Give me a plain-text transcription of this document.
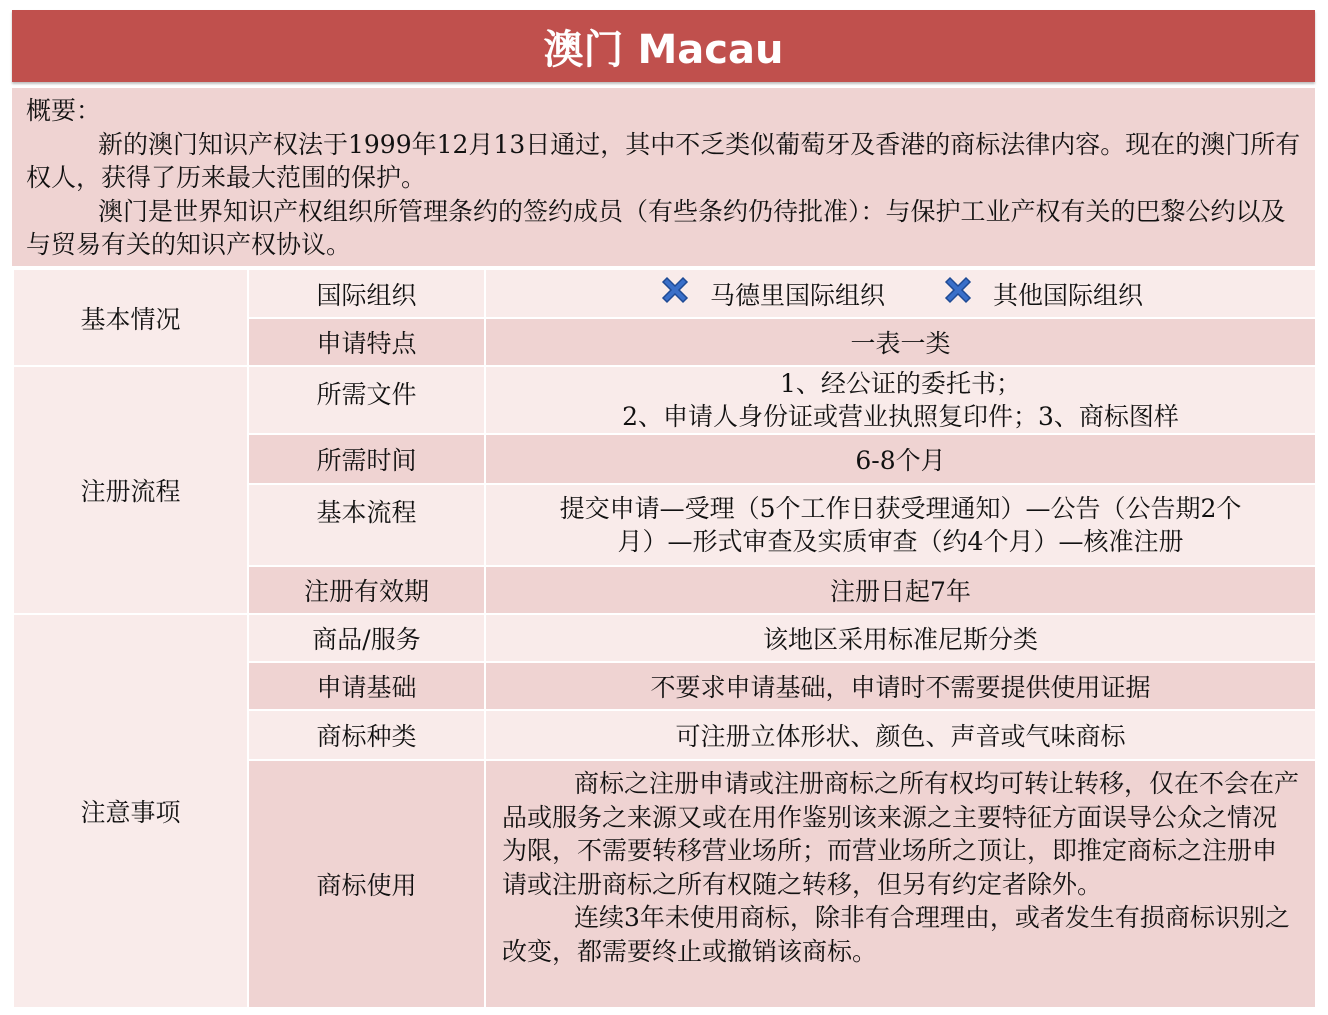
澳门 Macau

概要：

新的澳门知识产权法于1999年12月13日通过，其中不乏类似葡萄牙及香港的商标法律内容。现在的澳门所有权人，获得了历来最大范围的保护。

澳门是世界知识产权组织所管理条约的签约成员（有些条约仍待批准）：与保护工业产权有关的巴黎公约以及与贸易有关的知识产权协议。

基本情况	国际组织	马德里国际组织 其他国际组织

	申请特点	一表一类
注册流程	所需文件	1、经公证的委托书；
2、申请人身份证或营业执照复印件；3、商标图样

	所需时间	6-8个月
	基本流程	提交申请—受理（5个工作日获受理通知）—公告（公告期2个
月）—形式审查及实质审查（约4个月）—核准注册

	注册有效期	注册日起7年
注意事项	商品/服务	该地区采用标准尼斯分类
	申请基础	不要求申请基础，申请时不需要提供使用证据
	商标种类	可注册立体形状、颜色、声音或气味商标
	商标使用	商标之注册申请或注册商标之所有权均可转让转移，仅在不会在产品或服务之来源又或在用作鉴别该来源之主要特征方面误导公众之情况为限，不需要转移营业场所；而营业场所之顶让，即推定商标之注册申请或注册商标之所有权随之转移，但另有约定者除外。

连续3年未使用商标，除非有合理理由，或者发生有损商标识别之改变，都需要终止或撤销该商标。
